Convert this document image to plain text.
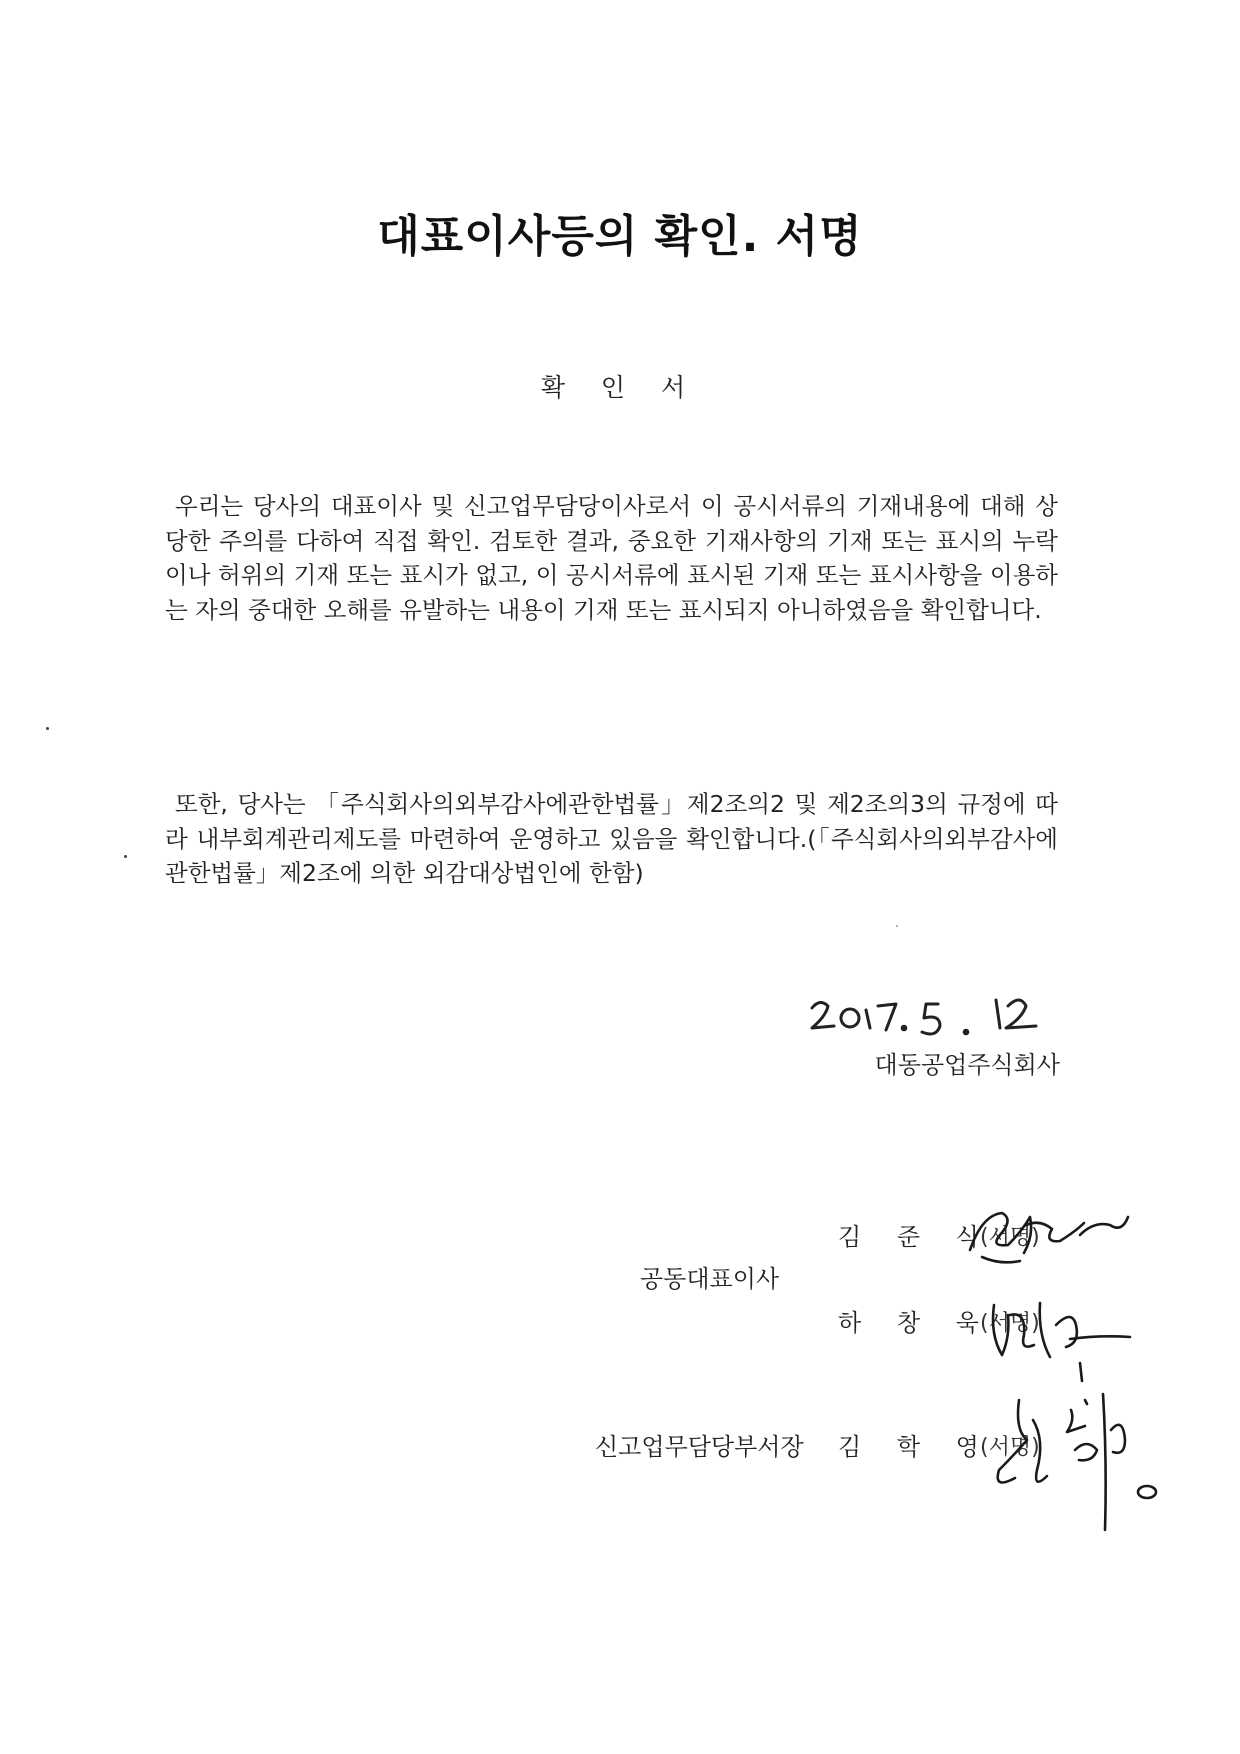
대표이사등의 확인. 서명
확 인 서

우리는 당사의 대표이사 및 신고업무담당이사로서 이 공시서류의 기재내용에 대해 상당한 주의를 다하여 직접 확인. 검토한 결과, 중요한 기재사항의 기재 또는 표시의 누락이나 허위의 기재 또는 표시가 없고, 이 공시서류에 표시된 기재 또는 표시사항을 이용하는 자의 중대한 오해를 유발하는 내용이 기재 또는 표시되지 아니하였음을 확인합니다.

또한, 당사는 「주식회사의외부감사에관한법률」제2조의2 및 제2조의3의 규정에 따라 내부회계관리제도를 마련하여 운영하고 있음을 확인합니다.(「주식회사의외부감사에관한법률」제2조에 의한 외감대상법인에 한함)

대동공업주식회사
김 준 식
(서명)
공동대표이사
하 창 욱
(서명)
신고업무담당부서장 김 학 영
(서명)
